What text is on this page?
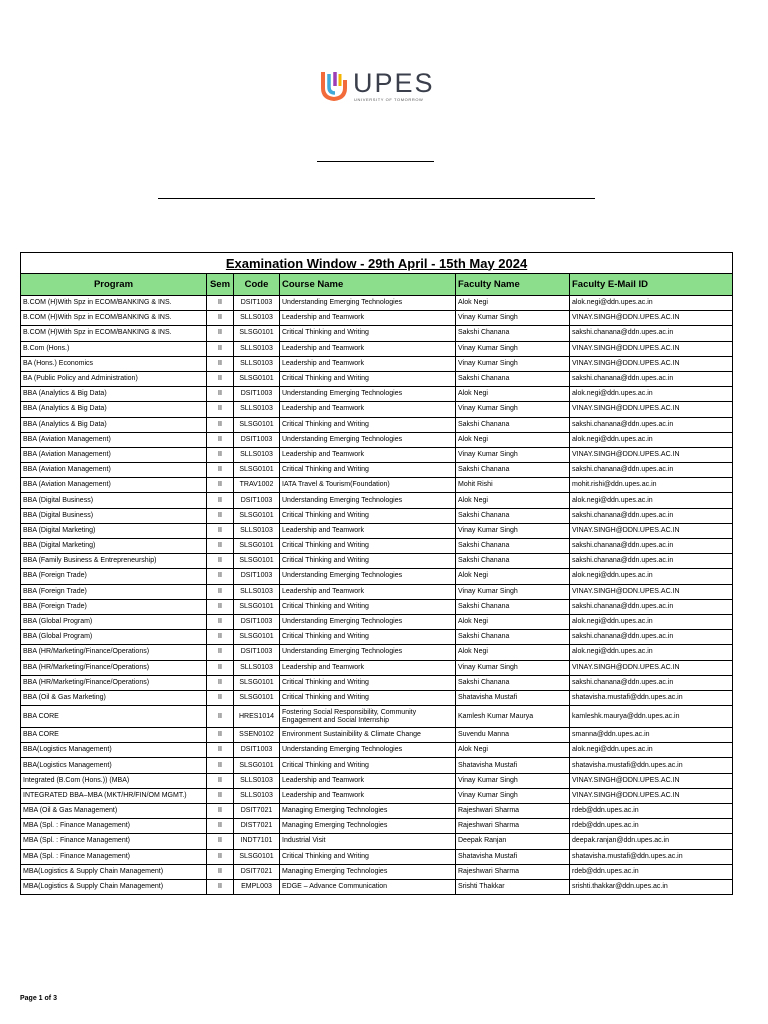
UPES
UNIVERSITY OF TOMORROW
Examination Window - 29th April - 15th May 2024					
Program	Sem	Code	Course Name	Faculty Name	Faculty E-Mail ID
B.COM (H)With Spz in ECOM/BANKING & INS.	II	DSIT1003	Understanding Emerging Technologies	Alok Negi	alok.negi@ddn.upes.ac.in
B.COM (H)With Spz in ECOM/BANKING & INS.	II	SLLS0103	Leadership and Teamwork	Vinay Kumar Singh	VINAY.SINGH@DDN.UPES.AC.IN
B.COM (H)With Spz in ECOM/BANKING & INS.	II	SLSG0101	Critical Thinking and Writing	Sakshi Chanana	sakshi.chanana@ddn.upes.ac.in
B.Com (Hons.)	II	SLLS0103	Leadership and Teamwork	Vinay Kumar Singh	VINAY.SINGH@DDN.UPES.AC.IN
BA (Hons.) Economics	II	SLLS0103	Leadership and Teamwork	Vinay Kumar Singh	VINAY.SINGH@DDN.UPES.AC.IN
BA (Public Policy and Administration)	II	SLSG0101	Critical Thinking and Writing	Sakshi Chanana	sakshi.chanana@ddn.upes.ac.in
BBA (Analytics & Big Data)	II	DSIT1003	Understanding Emerging Technologies	Alok Negi	alok.negi@ddn.upes.ac.in
BBA (Analytics & Big Data)	II	SLLS0103	Leadership and Teamwork	Vinay Kumar Singh	VINAY.SINGH@DDN.UPES.AC.IN
BBA (Analytics & Big Data)	II	SLSG0101	Critical Thinking and Writing	Sakshi Chanana	sakshi.chanana@ddn.upes.ac.in
BBA (Aviation Management)	II	DSIT1003	Understanding Emerging Technologies	Alok Negi	alok.negi@ddn.upes.ac.in
BBA (Aviation Management)	II	SLLS0103	Leadership and Teamwork	Vinay Kumar Singh	VINAY.SINGH@DDN.UPES.AC.IN
BBA (Aviation Management)	II	SLSG0101	Critical Thinking and Writing	Sakshi Chanana	sakshi.chanana@ddn.upes.ac.in
BBA (Aviation Management)	II	TRAV1002	IATA Travel & Tourism(Foundation)	Mohit Rishi	mohit.rishi@ddn.upes.ac.in
BBA (Digital Business)	II	DSIT1003	Understanding Emerging Technologies	Alok Negi	alok.negi@ddn.upes.ac.in
BBA (Digital Business)	II	SLSG0101	Critical Thinking and Writing	Sakshi Chanana	sakshi.chanana@ddn.upes.ac.in
BBA (Digital Marketing)	II	SLLS0103	Leadership and Teamwork	Vinay Kumar Singh	VINAY.SINGH@DDN.UPES.AC.IN
BBA (Digital Marketing)	II	SLSG0101	Critical Thinking and Writing	Sakshi Chanana	sakshi.chanana@ddn.upes.ac.in
BBA (Family Business & Entrepreneurship)	II	SLSG0101	Critical Thinking and Writing	Sakshi Chanana	sakshi.chanana@ddn.upes.ac.in
BBA (Foreign Trade)	II	DSIT1003	Understanding Emerging Technologies	Alok Negi	alok.negi@ddn.upes.ac.in
BBA (Foreign Trade)	II	SLLS0103	Leadership and Teamwork	Vinay Kumar Singh	VINAY.SINGH@DDN.UPES.AC.IN
BBA (Foreign Trade)	II	SLSG0101	Critical Thinking and Writing	Sakshi Chanana	sakshi.chanana@ddn.upes.ac.in
BBA (Global Program)	II	DSIT1003	Understanding Emerging Technologies	Alok Negi	alok.negi@ddn.upes.ac.in
BBA (Global Program)	II	SLSG0101	Critical Thinking and Writing	Sakshi Chanana	sakshi.chanana@ddn.upes.ac.in
BBA (HR/Marketing/Finance/Operations)	II	DSIT1003	Understanding Emerging Technologies	Alok Negi	alok.negi@ddn.upes.ac.in
BBA (HR/Marketing/Finance/Operations)	II	SLLS0103	Leadership and Teamwork	Vinay Kumar Singh	VINAY.SINGH@DDN.UPES.AC.IN
BBA (HR/Marketing/Finance/Operations)	II	SLSG0101	Critical Thinking and Writing	Sakshi Chanana	sakshi.chanana@ddn.upes.ac.in
BBA (Oil & Gas Marketing)	II	SLSG0101	Critical Thinking and Writing	Shatavisha Mustafi	shatavisha.mustafi@ddn.upes.ac.in
BBA CORE	II	HRES1014	Fostering Social Responsibility, Community Engagement and Social Internship	Kamlesh Kumar Maurya	kamleshk.maurya@ddn.upes.ac.in
BBA CORE	II	SSEN0102	Environment Sustainibility & Climate Change	Suvendu Manna	smanna@ddn.upes.ac.in
BBA(Logistics Management)	II	DSIT1003	Understanding Emerging Technologies	Alok Negi	alok.negi@ddn.upes.ac.in
BBA(Logistics Management)	II	SLSG0101	Critical Thinking and Writing	Shatavisha Mustafi	shatavisha.mustafi@ddn.upes.ac.in
Integrated (B.Com (Hons.)) (MBA)	II	SLLS0103	Leadership and Teamwork	Vinay Kumar Singh	VINAY.SINGH@DDN.UPES.AC.IN
INTEGRATED BBA–MBA (MKT/HR/FIN/OM MGMT.)	II	SLLS0103	Leadership and Teamwork	Vinay Kumar Singh	VINAY.SINGH@DDN.UPES.AC.IN
MBA (Oil & Gas Management)	II	DSIT7021	Managing Emerging Technologies	Rajeshwari Sharma	rdeb@ddn.upes.ac.in
MBA (Spl. : Finance Management)	II	DIST7021	Managing Emerging Technologies	Rajeshwari Sharma	rdeb@ddn.upes.ac.in
MBA (Spl. : Finance Management)	II	INDT7101	Industrial Visit	Deepak Ranjan	deepak.ranjan@ddn.upes.ac.in
MBA (Spl. : Finance Management)	II	SLSG0101	Critical Thinking and Writing	Shatavisha Mustafi	shatavisha.mustafi@ddn.upes.ac.in
MBA(Logistics & Supply Chain Management)	II	DSIT7021	Managing Emerging Technologies	Rajeshwari Sharma	rdeb@ddn.upes.ac.in
MBA(Logistics & Supply Chain Management)	II	EMPL003	EDGE – Advance Communication	Srishti Thakkar	srishti.thakkar@ddn.upes.ac.in
Page 1 of 3
